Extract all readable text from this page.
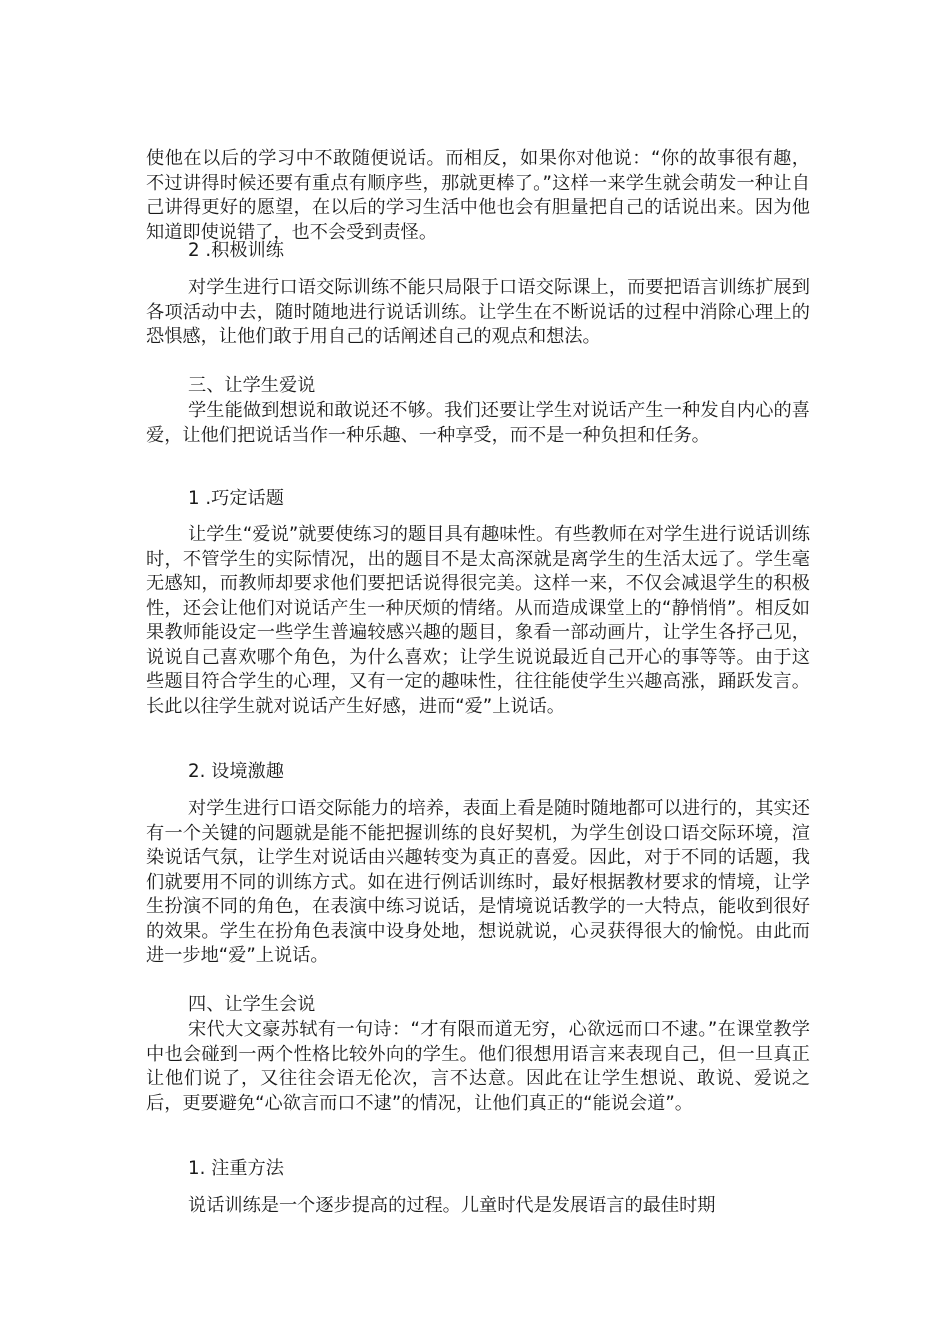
使他在以后的学习中不敢随便说话。而相反，如果你对他说：“你的故事很有趣，不过讲得时候还要有重点有顺序些，那就更棒了。”这样一来学生就会萌发一种让自己讲得更好的愿望，在以后的学习生活中他也会有胆量把自己的话说出来。因为他知道即使说错了，也不会受到责怪。

2 .积极训练

对学生进行口语交际训练不能只局限于口语交际课上，而要把语言训练扩展到各项活动中去，随时随地进行说话训练。让学生在不断说话的过程中消除心理上的恐惧感，让他们敢于用自己的话阐述自己的观点和想法。

三、让学生爱说

学生能做到想说和敢说还不够。我们还要让学生对说话产生一种发自内心的喜爱，让他们把说话当作一种乐趣、一种享受，而不是一种负担和任务。

1 .巧定话题

让学生“爱说”就要使练习的题目具有趣味性。有些教师在对学生进行说话训练时，不管学生的实际情况，出的题目不是太高深就是离学生的生活太远了。学生毫无感知，而教师却要求他们要把话说得很完美。这样一来，不仅会减退学生的积极性，还会让他们对说话产生一种厌烦的情绪。从而造成课堂上的“静悄悄”。相反如果教师能设定一些学生普遍较感兴趣的题目，象看一部动画片，让学生各抒己见，说说自己喜欢哪个角色，为什么喜欢；让学生说说最近自己开心的事等等。由于这些题目符合学生的心理，又有一定的趣味性，往往能使学生兴趣高涨，踊跃发言。长此以往学生就对说话产生好感，进而“爱”上说话。

2. 设境激趣

对学生进行口语交际能力的培养，表面上看是随时随地都可以进行的，其实还有一个关键的问题就是能不能把握训练的良好契机，为学生创设口语交际环境，渲染说话气氛，让学生对说话由兴趣转变为真正的喜爱。因此，对于不同的话题，我们就要用不同的训练方式。如在进行例话训练时，最好根据教材要求的情境，让学生扮演不同的角色，在表演中练习说话，是情境说话教学的一大特点，能收到很好的效果。学生在扮角色表演中设身处地，想说就说，心灵获得很大的愉悦。由此而进一步地“爱”上说话。

四、让学生会说

宋代大文豪苏轼有一句诗：“才有限而道无穷，心欲远而口不逮。”在课堂教学中也会碰到一两个性格比较外向的学生。他们很想用语言来表现自己，但一旦真正让他们说了，又往往会语无伦次，言不达意。因此在让学生想说、敢说、爱说之后，更要避免“心欲言而口不逮”的情况，让他们真正的“能说会道”。

1. 注重方法

说话训练是一个逐步提高的过程。儿童时代是发展语言的最佳时期
